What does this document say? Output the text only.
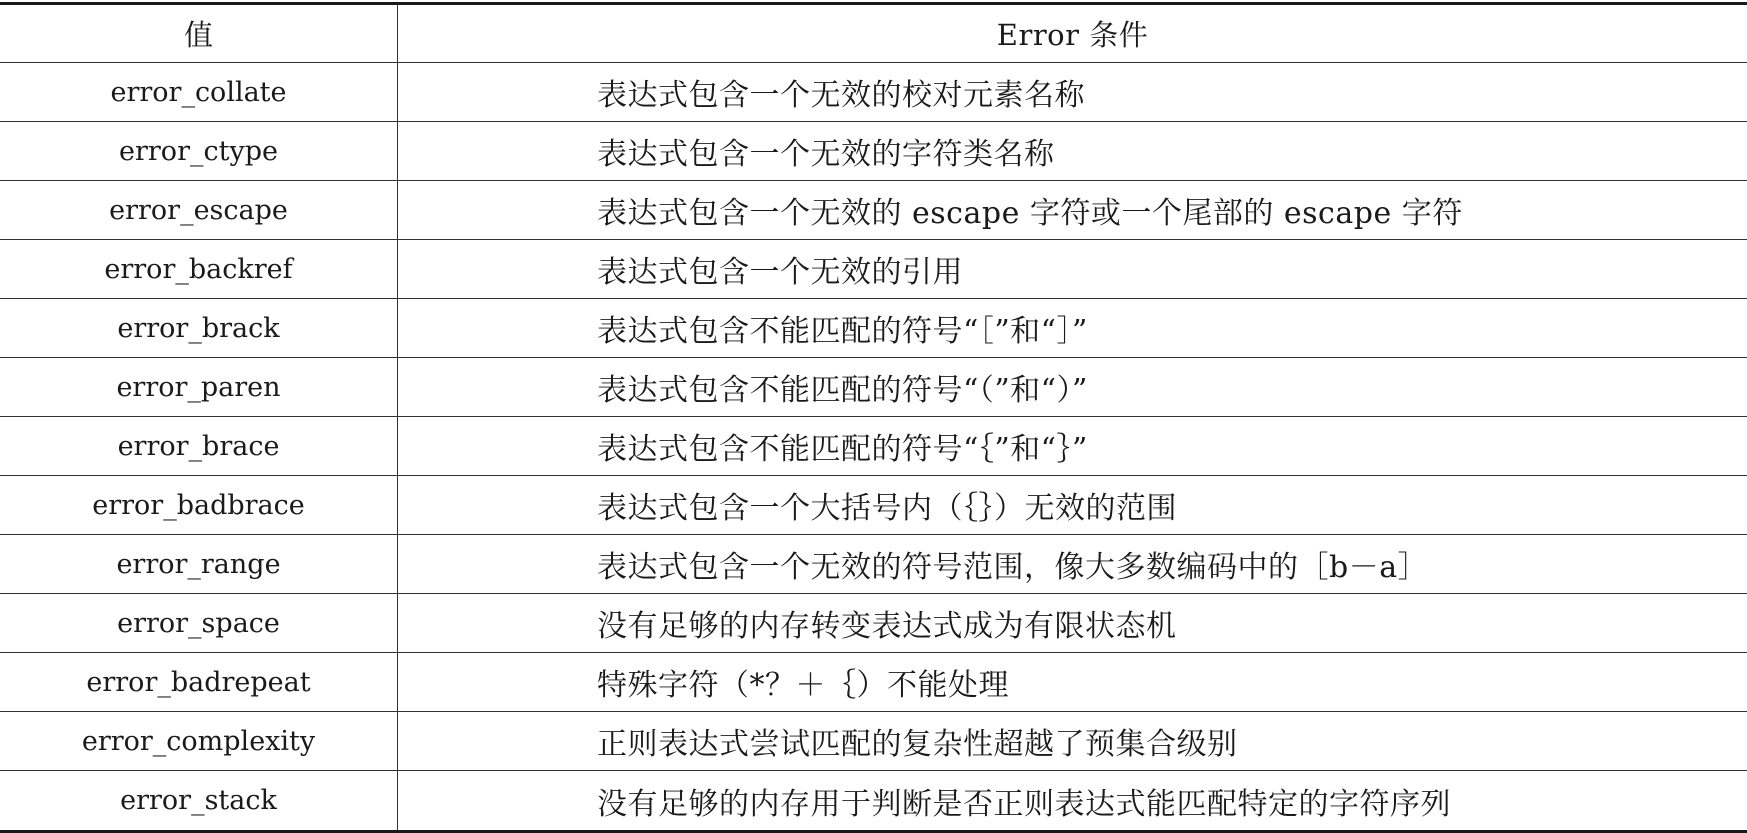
值	Error 条件
error_collate	表达式包含一个无效的校对元素名称
error_ctype	表达式包含一个无效的字符类名称
error_escape	表达式包含一个无效的 escape 字符或一个尾部的 escape 字符
error_backref	表达式包含一个无效的引用
error_brack	表达式包含不能匹配的符号“［”和“］”
error_paren	表达式包含不能匹配的符号“（”和“）”
error_brace	表达式包含不能匹配的符号“｛”和“｝”
error_badbrace	表达式包含一个大括号内（｛｝）无效的范围
error_range	表达式包含一个无效的符号范围，像大多数编码中的［b－a］
error_space	没有足够的内存转变表达式成为有限状态机
error_badrepeat	特殊字符（*？＋｛）不能处理
error_complexity	正则表达式尝试匹配的复杂性超越了预集合级别
error_stack	没有足够的内存用于判断是否正则表达式能匹配特定的字符序列
